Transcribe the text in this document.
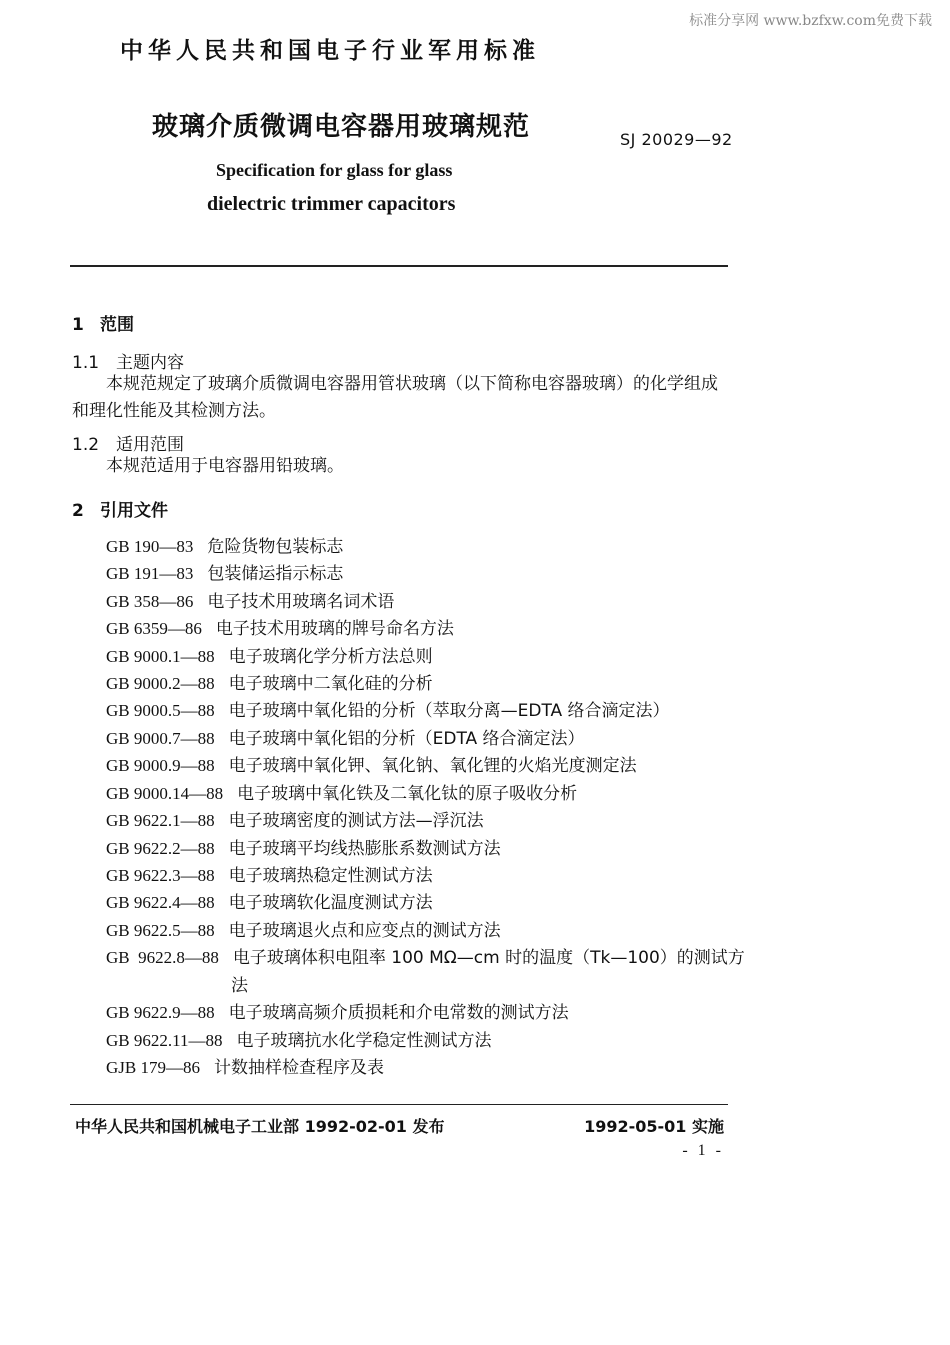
标准分享网 www.bzfxw.com免费下载
中华人民共和国电子行业军用标准
玻璃介质微调电容器用玻璃规范	SJ 20029—92
Specification for glass for glass
dielectric trimmer capacitors
1 范围
1.1 主题内容
本规范规定了玻璃介质微调电容器用管状玻璃（以下简称电容器玻璃）的化学组成
和理化性能及其检测方法。
1.2 适用范围
本规范适用于电容器用铅玻璃。
2 引用文件
GB 190—83 危险货物包装标志
GB 191—83 包装储运指示标志
GB 358—86 电子技术用玻璃名词术语
GB 6359—86 电子技术用玻璃的牌号命名方法
GB 9000.1—88 电子玻璃化学分析方法总则
GB 9000.2—88 电子玻璃中二氧化硅的分析
GB 9000.5—88 电子玻璃中氧化铅的分析（萃取分离—EDTA 络合滴定法）
GB 9000.7—88 电子玻璃中氧化铝的分析（EDTA 络合滴定法）
GB 9000.9—88 电子玻璃中氧化钾、氧化钠、氧化锂的火焰光度测定法
GB 9000.14—88 电子玻璃中氧化铁及二氧化钛的原子吸收分析
GB 9622.1—88 电子玻璃密度的测试方法—浮沉法
GB 9622.2—88 电子玻璃平均线热膨胀系数测试方法
GB 9622.3—88 电子玻璃热稳定性测试方法
GB 9622.4—88 电子玻璃软化温度测试方法
GB 9622.5—88 电子玻璃退火点和应变点的测试方法
GB  9622.8—88 电子玻璃体积电阻率 100 MΩ—cm 时的温度（Tk—100）的测试方
法
GB 9622.9—88 电子玻璃高频介质损耗和介电常数的测试方法
GB 9622.11—88 电子玻璃抗水化学稳定性测试方法
GJB 179—86 计数抽样检查程序及表
中华人民共和国机械电子工业部 1992-02-01 发布	1992-05-01 实施
- 1 -
